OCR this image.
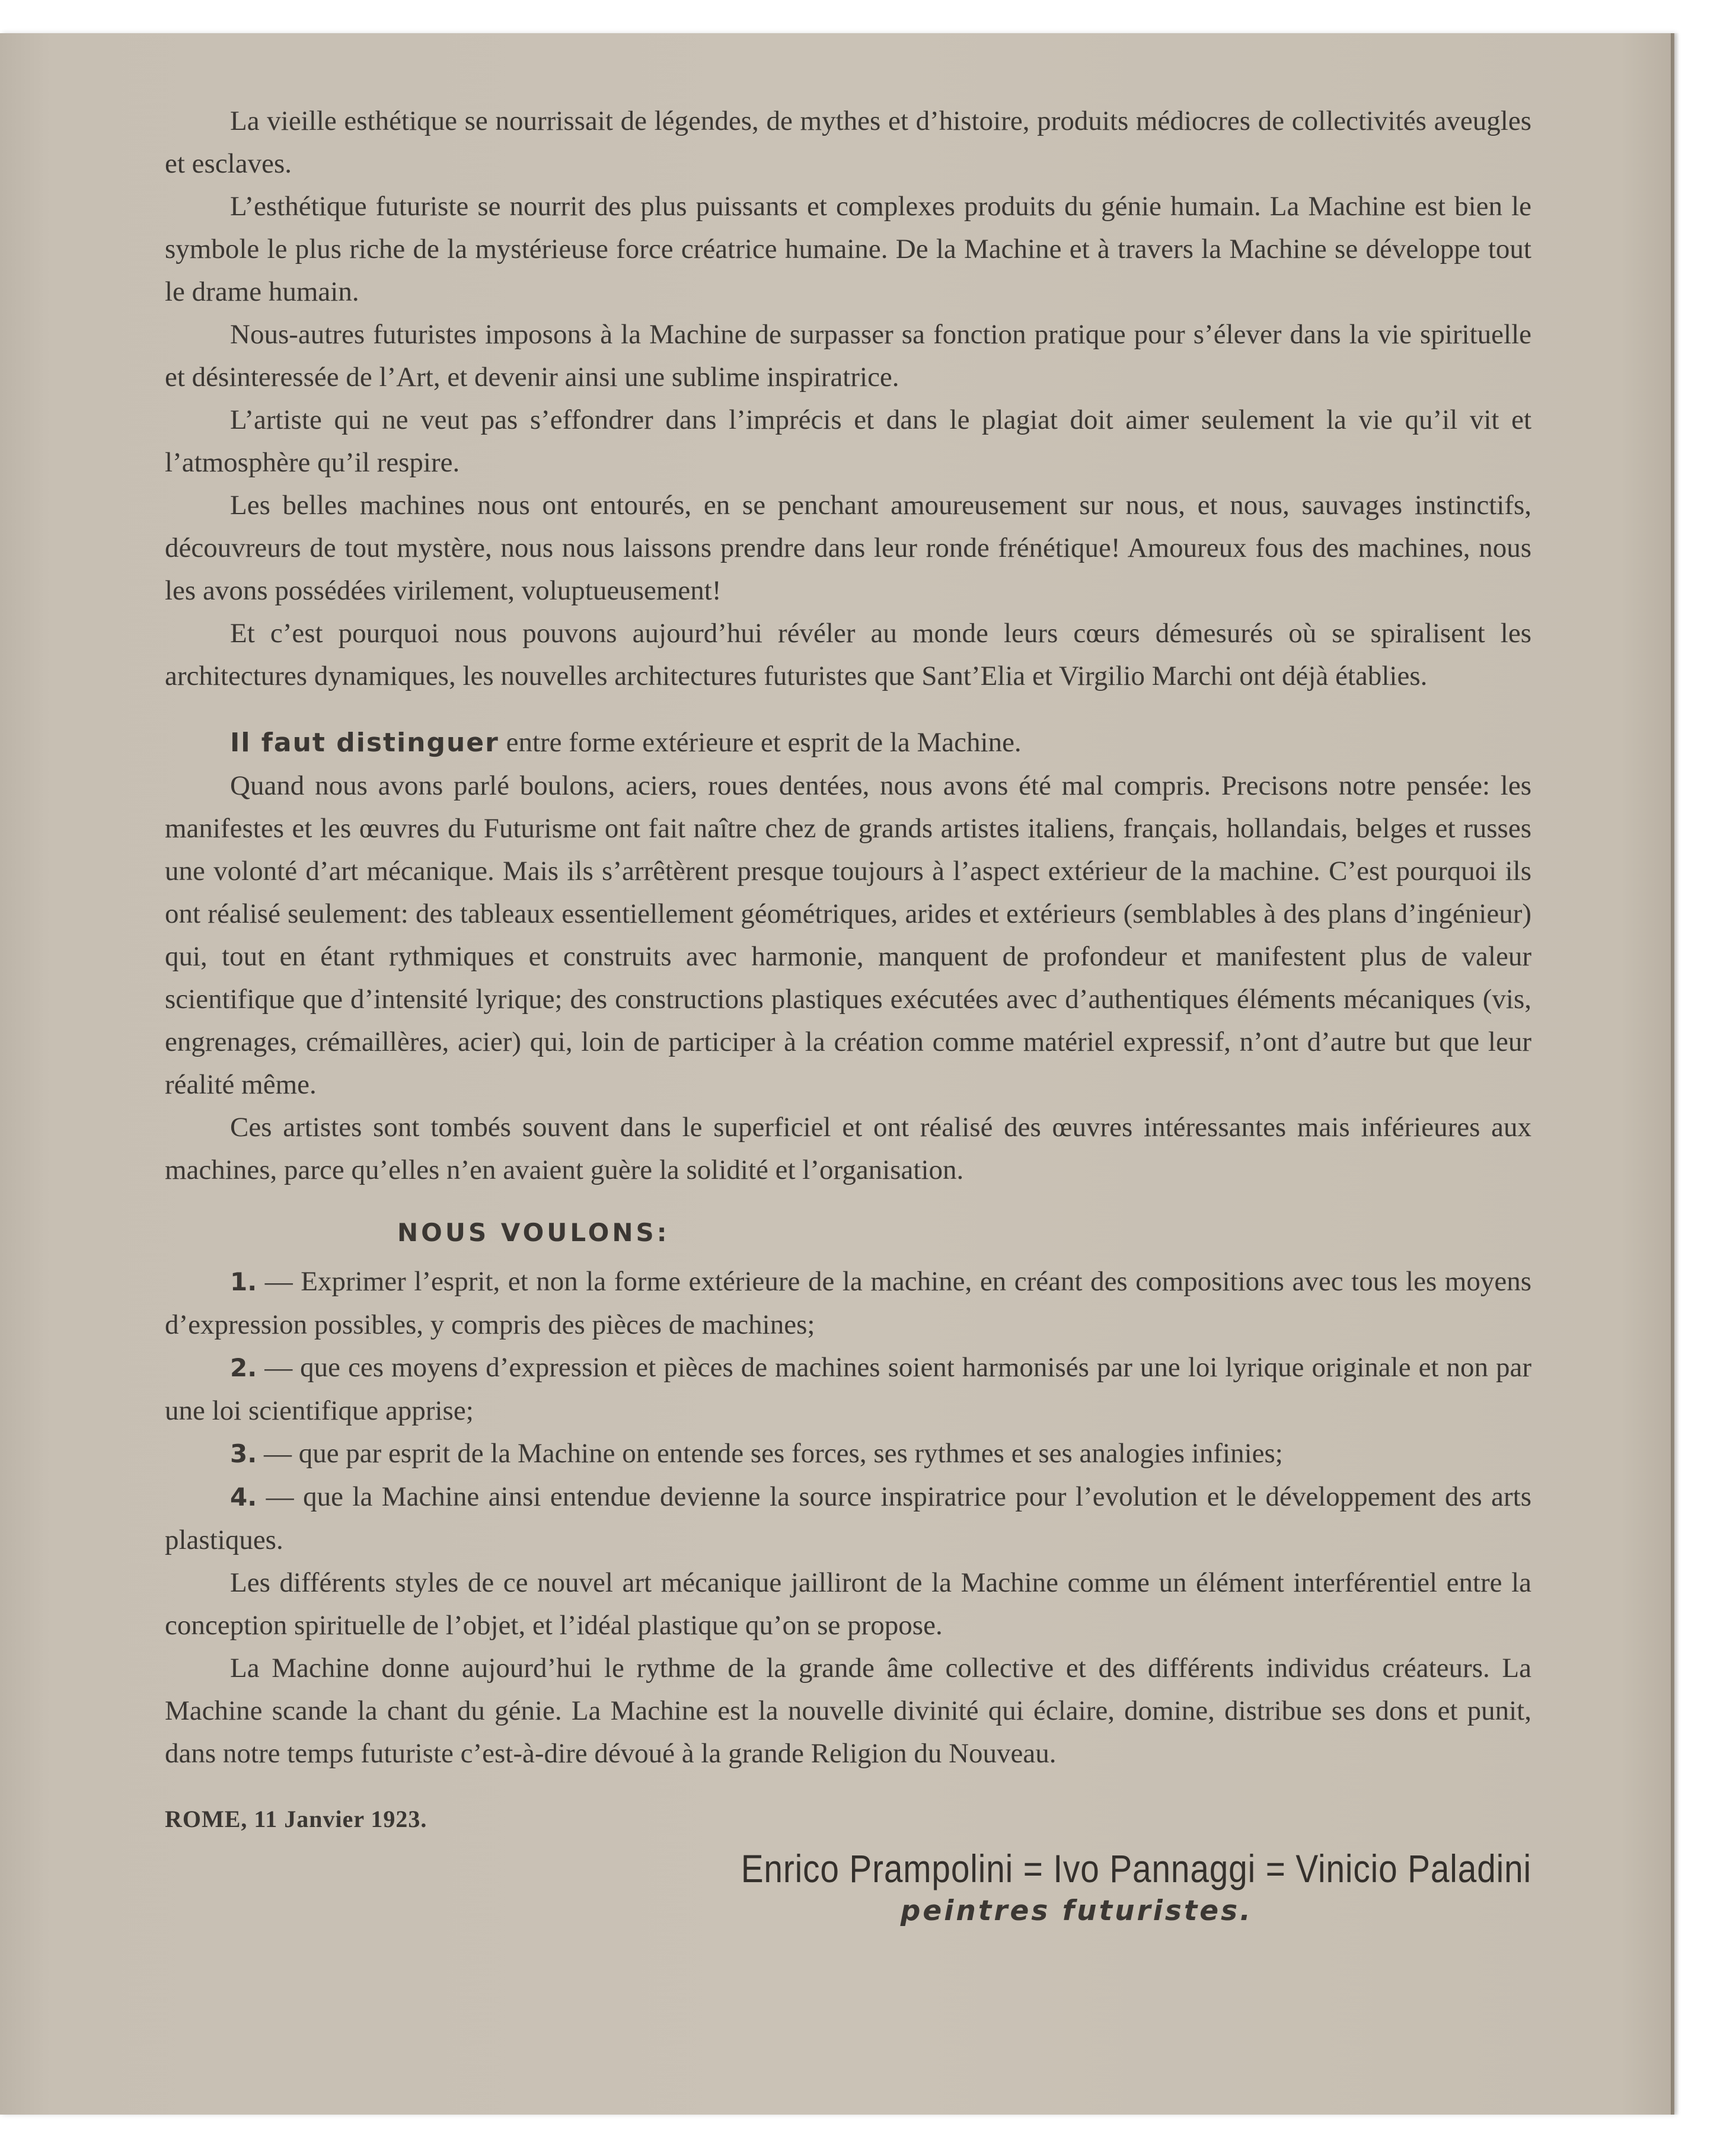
La vieille esthétique se nourrissait de légendes, de mythes et d’histoire, produits médiocres de collectivités aveugles et esclaves.

L’esthétique futuriste se nourrit des plus puissants et complexes produits du génie humain. La Machine est bien le symbole le plus riche de la mystérieuse force créatrice humaine. De la Machine et à travers la Machine se développe tout le drame humain.

Nous-autres futuristes imposons à la Machine de surpasser sa fonction pratique pour s’élever dans la vie spirituelle et désinteressée de l’Art, et devenir ainsi une sublime inspiratrice.

L’artiste qui ne veut pas s’effondrer dans l’imprécis et dans le plagiat doit aimer seulement la vie qu’il vit et l’atmosphère qu’il respire.

Les belles machines nous ont entourés, en se penchant amoureusement sur nous, et nous, sauvages instinctifs, découvreurs de tout mystère, nous nous laissons prendre dans leur ronde frénétique! Amoureux fous des machines, nous les avons possédées virilement, voluptueusement!

Et c’est pourquoi nous pouvons aujourd’hui révéler au monde leurs cœurs démesurés où se spiralisent les architectures dynamiques, les nouvelles architectures futuristes que Sant’Elia et Virgilio Marchi ont déjà établies.

Il faut distinguer entre forme extérieure et esprit de la Machine.

Quand nous avons parlé boulons, aciers, roues dentées, nous avons été mal compris. Precisons notre pensée: les manifestes et les œuvres du Futurisme ont fait naître chez de grands artistes italiens, français, hollandais, belges et russes une volonté d’art mécanique. Mais ils s’arrêtèrent presque toujours à l’aspect extérieur de la machine. C’est pourquoi ils ont réalisé seulement: des tableaux essentiellement géométriques, arides et extérieurs (semblables à des plans d’ingénieur) qui, tout en étant rythmiques et construits avec harmonie, manquent de profondeur et manifestent plus de valeur scientifique que d’intensité lyrique; des constructions plastiques exécutées avec d’authentiques éléments mécaniques (vis, engrenages, crémaillères, acier) qui, loin de participer à la création comme matériel expressif, n’ont d’autre but que leur réalité même.

Ces artistes sont tombés souvent dans le superficiel et ont réalisé des œuvres intéressantes mais inférieures aux machines, parce qu’elles n’en avaient guère la solidité et l’organisation.

NOUS VOULONS:

1. — Exprimer l’esprit, et non la forme extérieure de la machine, en créant des compositions avec tous les moyens d’expression possibles, y compris des pièces de machines;

2. — que ces moyens d’expression et pièces de machines soient harmonisés par une loi lyrique originale et non par une loi scientifique apprise;

3. — que par esprit de la Machine on entende ses forces, ses rythmes et ses analogies infinies;

4. — que la Machine ainsi entendue devienne la source inspiratrice pour l’evolution et le développement des arts plastiques.

Les différents styles de ce nouvel art mécanique jailliront de la Machine comme un élément interférentiel entre la conception spirituelle de l’objet, et l’idéal plastique qu’on se propose.

La Machine donne aujourd’hui le rythme de la grande âme collective et des différents individus créateurs. La Machine scande la chant du génie. La Machine est la nouvelle divinité qui éclaire, domine, distribue ses dons et punit, dans notre temps futuriste c’est-à-dire dévoué à la grande Religion du Nouveau.

ROME, 11 Janvier 1923.
Enrico Prampolini = Ivo Pannaggi = Vinicio Paladini
peintres futuristes.
